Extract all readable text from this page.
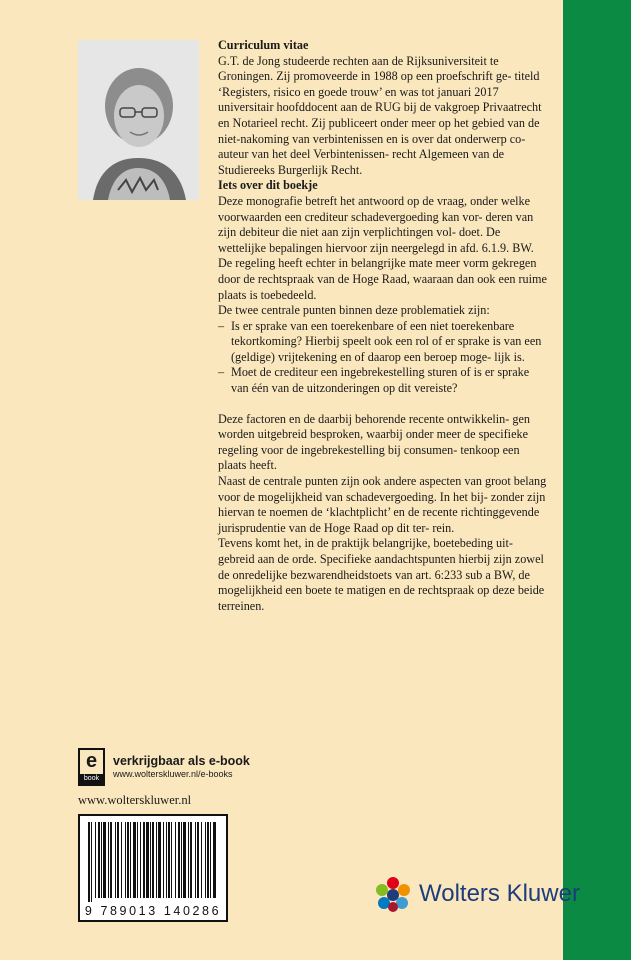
Curriculum vitae

G.T. de Jong studeerde rechten aan de Rijksuniversiteit te Groningen. Zij promoveerde in 1988 op een proefschrift ge- titeld ‘Registers, risico en goede trouw’ en was tot januari 2017 universitair hoofddocent aan de RUG bij de vakgroep Privaatrecht en Notarieel recht. Zij publiceert onder meer op het gebied van de niet-nakoming van verbintenissen en is over dat onderwerp co-auteur van het deel Verbintenissen- recht Algemeen van de Studiereeks Burgerlijk Recht.

Iets over dit boekje

Deze monografie betreft het antwoord op de vraag, onder welke voorwaarden een crediteur schadevergoeding kan vor- deren van zijn debiteur die niet aan zijn verplichtingen vol- doet. De wettelijke bepalingen hiervoor zijn neergelegd in afd. 6.1.9. BW. De regeling heeft echter in belangrijke mate meer vorm gekregen door de rechtspraak van de Hoge Raad, waaraan dan ook een ruime plaats is toebedeeld.

De twee centrale punten binnen deze problematiek zijn:

– Is er sprake van een toerekenbare of een niet toerekenbare tekortkoming? Hierbij speelt ook een rol of er sprake is van een (geldige) vrijtekening en of daarop een beroep moge- lijk is.
– Moet de crediteur een ingebrekestelling sturen of is er sprake van één van de uitzonderingen op dit vereiste?

Deze factoren en de daarbij behorende recente ontwikkelin- gen worden uitgebreid besproken, waarbij onder meer de specifieke regeling voor de ingebrekestelling bij consumen- tenkoop een plaats heeft.

Naast de centrale punten zijn ook andere aspecten van groot belang voor de mogelijkheid van schadevergoeding. In het bij- zonder zijn hiervan te noemen de ‘klachtplicht’ en de recente richtinggevende jurisprudentie van de Hoge Raad op dit ter- rein.

Tevens komt het, in de praktijk belangrijke, boetebeding uit- gebreid aan de orde. Specifieke aandachtspunten hierbij zijn zowel de onredelijke bezwarendheidstoets van art. 6:233 sub a BW, de mogelijkheid een boete te matigen en de rechtspraak op deze beide terreinen.

e
book
verkrijgbaar als e-book
www.wolterskluwer.nl/e-books
www.wolterskluwer.nl
9 789013 140286
Wolters Kluwer
